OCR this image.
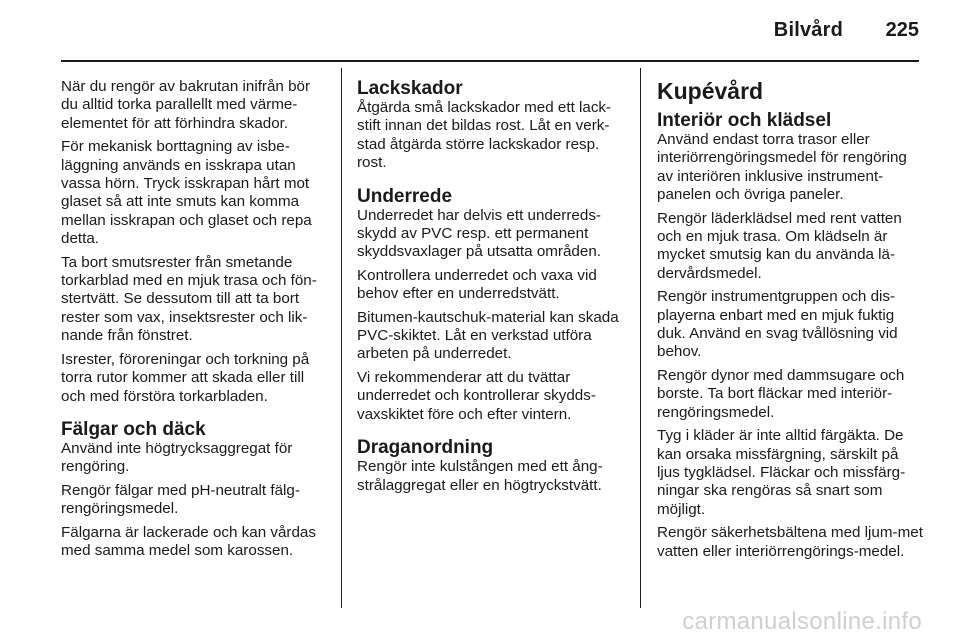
Bilvård 225

När du rengör av bakrutan inifrån bör du alltid torka parallellt med värme-elementet för att förhindra skador.

För mekanisk borttagning av isbe-läggning används en isskrapa utan vassa hörn. Tryck isskrapan hårt mot glaset så att inte smuts kan komma mellan isskrapan och glaset och repa detta.

Ta bort smutsrester från smetande torkarblad med en mjuk trasa och fön-stertvätt. Se dessutom till att ta bort rester som vax, insektsrester och lik-nande från fönstret.

Isrester, föroreningar och torkning på torra rutor kommer att skada eller till och med förstöra torkarbladen.

Fälgar och däck

Använd inte högtrycksaggregat för rengöring.

Rengör fälgar med pH-neutralt fälg-rengöringsmedel.

Fälgarna är lackerade och kan vårdas med samma medel som karossen.

Lackskador

Åtgärda små lackskador med ett lack-stift innan det bildas rost. Låt en verk-stad åtgärda större lackskador resp. rost.

Underrede

Underredet har delvis ett underreds-skydd av PVC resp. ett permanent skyddsvaxlager på utsatta områden.

Kontrollera underredet och vaxa vid behov efter en underredstvätt.

Bitumen-kautschuk-material kan skada PVC-skiktet. Låt en verkstad utföra arbeten på underredet.

Vi rekommenderar att du tvättar underredet och kontrollerar skydds-vaxskiktet före och efter vintern.

Draganordning

Rengör inte kulstången med ett ång-strålaggregat eller en högtryckstvätt.

Kupévård
Interiör och klädsel

Använd endast torra trasor eller interiörrengöringsmedel för rengöring av interiören inklusive instrument-panelen och övriga paneler.

Rengör läderklädsel med rent vatten och en mjuk trasa. Om klädseln är mycket smutsig kan du använda lä-dervårdsmedel.

Rengör instrumentgruppen och dis-playerna enbart med en mjuk fuktig duk. Använd en svag tvållösning vid behov.

Rengör dynor med dammsugare och borste. Ta bort fläckar med interiör-rengöringsmedel.

Tyg i kläder är inte alltid färgäkta. De kan orsaka missfärgning, särskilt på ljus tygklädsel. Fläckar och missfärg-ningar ska rengöras så snart som möjligt.

Rengör säkerhetsbältena med ljum-met vatten eller interiörrengörings-medel.

carmanualsonline.info
